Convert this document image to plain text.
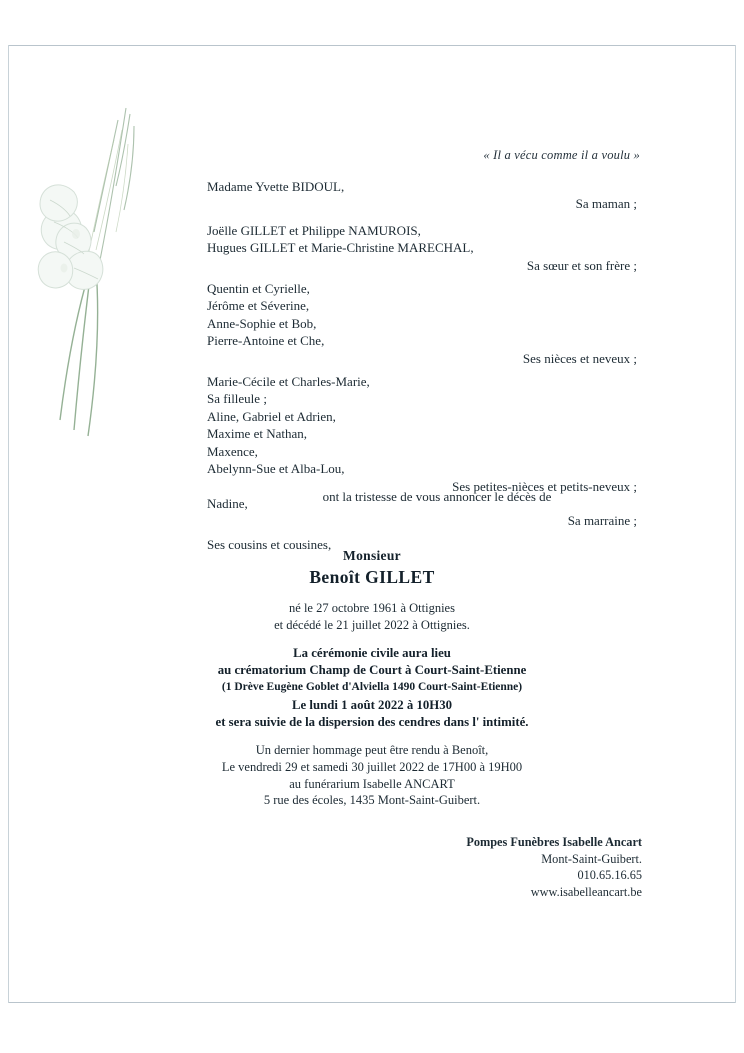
« Il a vécu comme il a voulu »
Madame Yvette BIDOUL,
Sa maman ;
Joëlle GILLET et Philippe NAMUROIS,
Hugues GILLET et Marie-Christine MARECHAL,
Sa sœur et son frère ;
Quentin et Cyrielle,
Jérôme et Séverine,
Anne-Sophie et Bob,
Pierre-Antoine et Che,
Ses nièces et neveux ;
Marie-Cécile et Charles-Marie,
Sa filleule ;
Aline, Gabriel et Adrien,
Maxime et Nathan,
Maxence,
Abelynn-Sue et Alba-Lou,
Ses petites-nièces et petits-neveux ;
Nadine,
Sa marraine ;
Ses cousins et cousines,
ont la tristesse de vous annoncer le décès de
Monsieur
Benoît GILLET
né le 27 octobre 1961 à Ottignies
et décédé le 21 juillet 2022 à Ottignies.
La cérémonie civile aura lieu
au crématorium Champ de Court à Court-Saint-Etienne
(1 Drève Eugène Goblet d'Alviella 1490 Court-Saint-Etienne)
Le lundi 1 août 2022 à 10H30
et sera suivie de la dispersion des cendres dans l' intimité.
Un dernier hommage peut être rendu à Benoît,
Le vendredi 29 et samedi 30 juillet 2022 de 17H00 à 19H00
au funérarium Isabelle ANCART
5 rue des écoles, 1435 Mont-Saint-Guibert.
Pompes Funèbres Isabelle Ancart
Mont-Saint-Guibert.
010.65.16.65
www.isabelleancart.be
